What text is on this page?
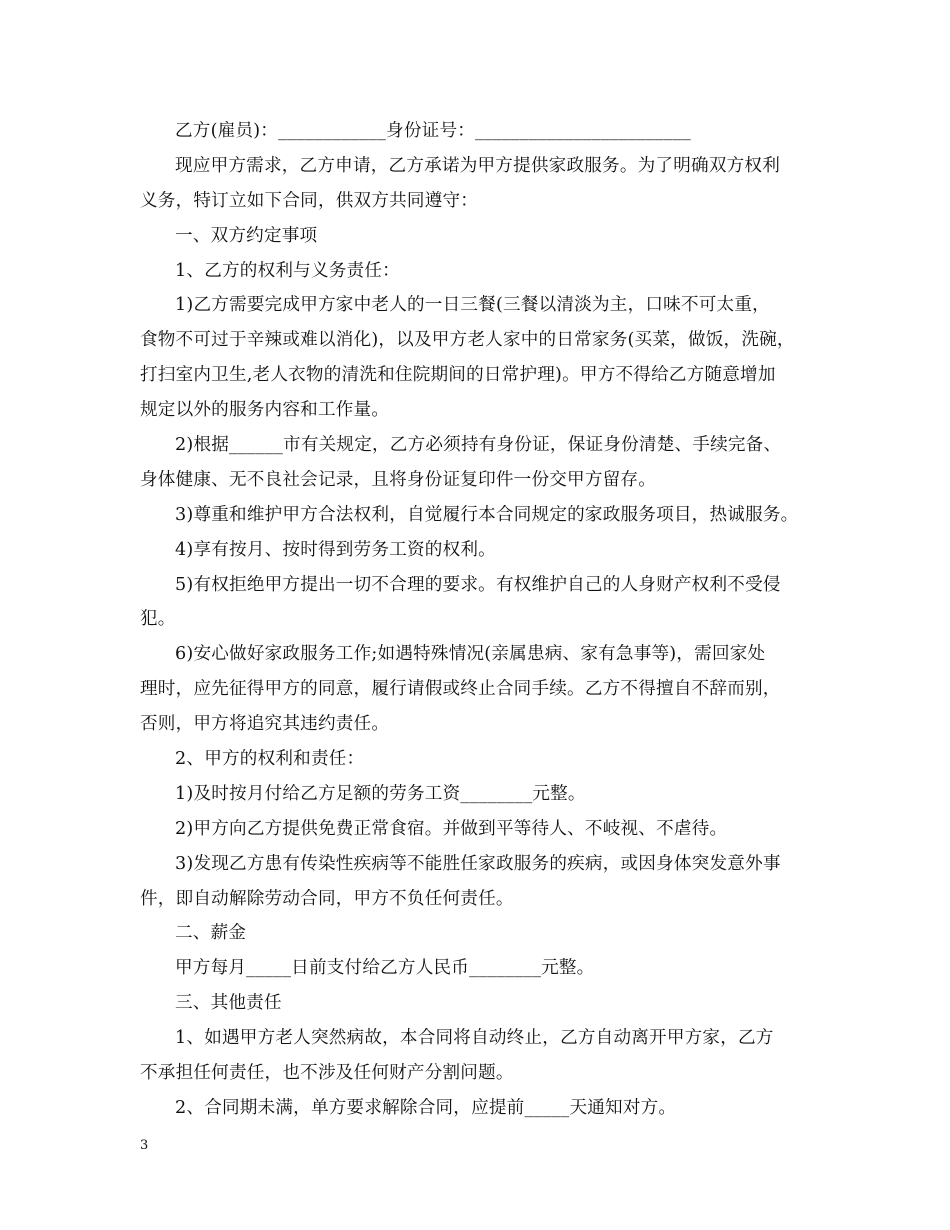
乙方(雇员)：____________身份证号：________________________
现应甲方需求，乙方申请，乙方承诺为甲方提供家政服务。为了明确双方权利
义务，特订立如下合同，供双方共同遵守：
一、双方约定事项
1、乙方的权利与义务责任：
1)乙方需要完成甲方家中老人的一日三餐(三餐以清淡为主，口味不可太重，
食物不可过于辛辣或难以消化)，以及甲方老人家中的日常家务(买菜，做饭，洗碗，
打扫室内卫生,老人衣物的清洗和住院期间的日常护理)。甲方不得给乙方随意增加
规定以外的服务内容和工作量。
2)根据______市有关规定，乙方必须持有身份证，保证身份清楚、手续完备、
身体健康、无不良社会记录，且将身份证复印件一份交甲方留存。
3)尊重和维护甲方合法权利，自觉履行本合同规定的家政服务项目，热诚服务。
4)享有按月、按时得到劳务工资的权利。
5)有权拒绝甲方提出一切不合理的要求。有权维护自己的人身财产权利不受侵
犯。
6)安心做好家政服务工作;如遇特殊情况(亲属患病、家有急事等)，需回家处
理时，应先征得甲方的同意，履行请假或终止合同手续。乙方不得擅自不辞而别，
否则，甲方将追究其违约责任。
2、甲方的权利和责任：
1)及时按月付给乙方足额的劳务工资________元整。
2)甲方向乙方提供免费正常食宿。并做到平等待人、不岐视、不虐待。
3)发现乙方患有传染性疾病等不能胜任家政服务的疾病，或因身体突发意外事
件，即自动解除劳动合同，甲方不负任何责任。
二、薪金
甲方每月_____日前支付给乙方人民币________元整。
三、其他责任
1、如遇甲方老人突然病故，本合同将自动终止，乙方自动离开甲方家，乙方
不承担任何责任，也不涉及任何财产分割问题。
2、合同期未满，单方要求解除合同，应提前_____天通知对方。
3
